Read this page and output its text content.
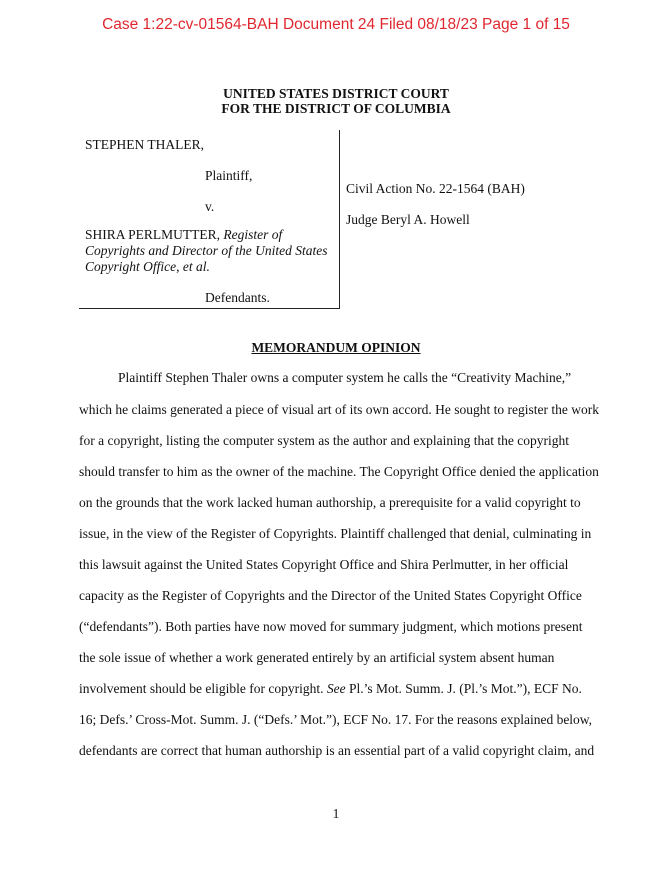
Case 1:22-cv-01564-BAH Document 24 Filed 08/18/23 Page 1 of 15
UNITED STATES DISTRICT COURT
FOR THE DISTRICT OF COLUMBIA
STEPHEN THALER,
Plaintiff,
v.
SHIRA PERLMUTTER, Register of Copyrights and Director of the United States Copyright Office, et al.
Defendants.
Civil Action No. 22-1564 (BAH)
Judge Beryl A. Howell
MEMORANDUM OPINION
Plaintiff Stephen Thaler owns a computer system he calls the “Creativity Machine,”
which he claims generated a piece of visual art of its own accord. He sought to register the work
for a copyright, listing the computer system as the author and explaining that the copyright
should transfer to him as the owner of the machine. The Copyright Office denied the application
on the grounds that the work lacked human authorship, a prerequisite for a valid copyright to
issue, in the view of the Register of Copyrights. Plaintiff challenged that denial, culminating in
this lawsuit against the United States Copyright Office and Shira Perlmutter, in her official
capacity as the Register of Copyrights and the Director of the United States Copyright Office
(“defendants”). Both parties have now moved for summary judgment, which motions present
the sole issue of whether a work generated entirely by an artificial system absent human
involvement should be eligible for copyright. See Pl.’s Mot. Summ. J. (Pl.’s Mot.”), ECF No.
16; Defs.’ Cross-Mot. Summ. J. (“Defs.’ Mot.”), ECF No. 17. For the reasons explained below,
defendants are correct that human authorship is an essential part of a valid copyright claim, and
1
